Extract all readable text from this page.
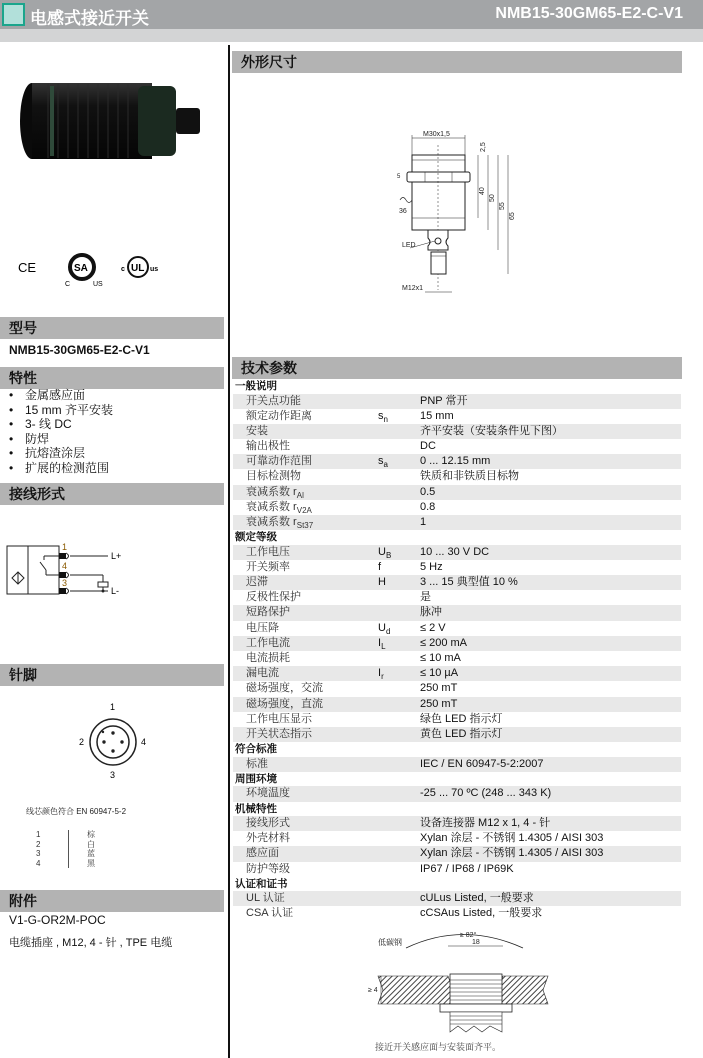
电感式接近开关	NMB15-30GM65-E2-C-V1
CE	SA
C	US
c UL us
型号
NMB15-30GM65-E2-C-V1
特性
• 金属感应面
• 15 mm 齐平安装
• 3- 线 DC
• 防焊
• 抗熔渣涂层
• 扩展的检测范围
接线形式
1
4
3
L+
L-
针脚
1
2
3
4
线芯颜色符合 EN 60947-5-2
1	棕
2	白
3	蓝
4	黑
附件
V1-G-OR2M-POC
电缆插座 , M12, 4 - 针 , TPE 电缆
外形尺寸
M30x1,5
LED
M12x1
5
36
2,5
40
50
55
65
技术参数
一般说明
开关点功能	PNP 常开
额定动作距离	$s_n$	15 mm
安装	齐平安装（安装条件见下图）
输出极性	DC
可靠动作范围	$s_a$	0 ... 12.15 mm
目标检测物	铁质和非铁质目标物
衰减系数 $r_{Al}$	0.5
衰减系数 $r_{V2A}$	0.8
衰减系数 $r_{St37}$	1
额定等级
工作电压	$U_B$	10 ... 30 V DC
开关频率	f	5 Hz
迟滞	H	3 ... 15 典型值 10 %
反极性保护	是
短路保护	脉冲
电压降	$U_d$	≤ 2 V
工作电流	$I_L$	≤ 200 mA
电流损耗	≤ 10 mA
漏电流	$I_r$	≤ 10 µA
磁场强度，交流	250 mT
磁场强度，直流	250 mT
工作电压显示	绿色 LED 指示灯
开关状态指示	黄色 LED 指示灯
符合标准
标准	IEC / EN 60947-5-2:2007
周围环境
环境温度	-25 ... 70 ºC (248 ... 343 K)
机械特性
接线形式	设备连接器 M12 x 1, 4 - 针
外壳材料	Xylan 涂层 - 不锈钢 1.4305 / AISI 303
感应面	Xylan 涂层 - 不锈钢 1.4305 / AISI 303
防护等级	IP67 / IP68 / IP69K
认证和证书
UL 认证	cULus Listed, 一般要求
CSA 认证	cCSAus Listed, 一般要求
≥ 82°
18
低碳钢
≥ 4
接近开关感应面与安装面齐平。
